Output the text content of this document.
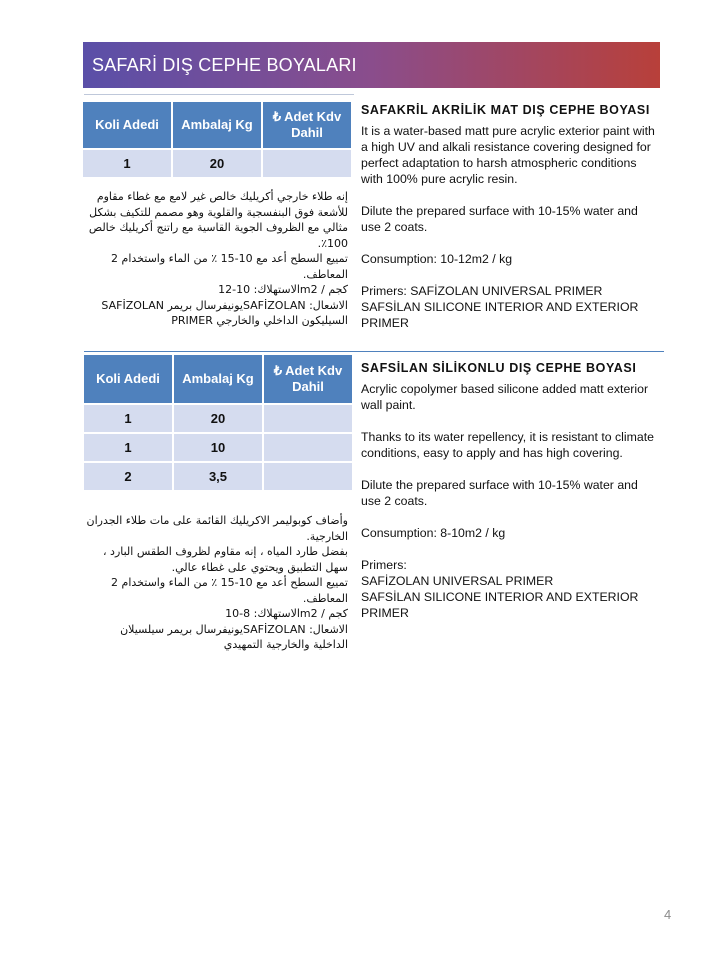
SAFARİ DIŞ CEPHE BOYALARI
Koli Adedi	Ambalaj Kg	₺ Adet Kdv Dahil
1	20	

إنه طلاء خارجي أكريليك خالص غير لامع مع غطاء مقاوم للأشعة فوق البنفسجية والقلوية وهو مصمم للتكيف بشكل مثالي مع الظروف الجوية القاسية مع راتنج أكريليك خالص 100٪.

تمييع السطح أعد مع 10-15 ٪ من الماء واستخدام 2 المعاطف.

كجم / m2الاستهلاك: 10-12

الاشعال: SAFİZOLANيونيفرسال بريمر SAFİZOLAN السيليكون الداخلي والخارجي PRIMER

SAFAKRİL AKRİLİK MAT DIŞ CEPHE BOYASI
It is a water-based matt pure acrylic exterior paint with a high UV and alkali resistance covering designed for perfect adaptation to harsh atmospheric conditions with 100% pure acrylic resin.
Dilute the prepared surface with 10-15% water and use 2 coats.
Consumption: 10-12m2 / kg
Primers: SAFİZOLAN UNIVERSAL PRIMER SAFSİLAN SILICONE INTERIOR AND EXTERIOR PRIMER
Koli Adedi	Ambalaj Kg	₺ Adet Kdv Dahil
1	20	
1	10	
2	3,5	

وأضاف كوبوليمر الاكريليك القائمة على مات طلاء الجدران الخارجية.

بفضل طارد المياه ، إنه مقاوم لظروف الطقس البارد ، سهل التطبيق ويحتوي على غطاء عالي.

تمييع السطح أعد مع 10-15 ٪ من الماء واستخدام 2 المعاطف.

كجم / m2الاستهلاك: 8-10

الاشعال: SAFİZOLANيونيفرسال بريمر سيلسيلان الداخلية والخارجية التمهيدي

SAFSİLAN SİLİKONLU DIŞ CEPHE BOYASI
Acrylic copolymer based silicone added matt exterior wall paint.
Thanks to its water repellency, it is resistant to climate conditions, easy to apply and has high covering.
Dilute the prepared surface with 10-15% water and use 2 coats.
Consumption: 8-10m2 / kg
Primers:
SAFİZOLAN UNIVERSAL PRIMER
SAFSİLAN SILICONE INTERIOR AND EXTERIOR PRIMER
4
